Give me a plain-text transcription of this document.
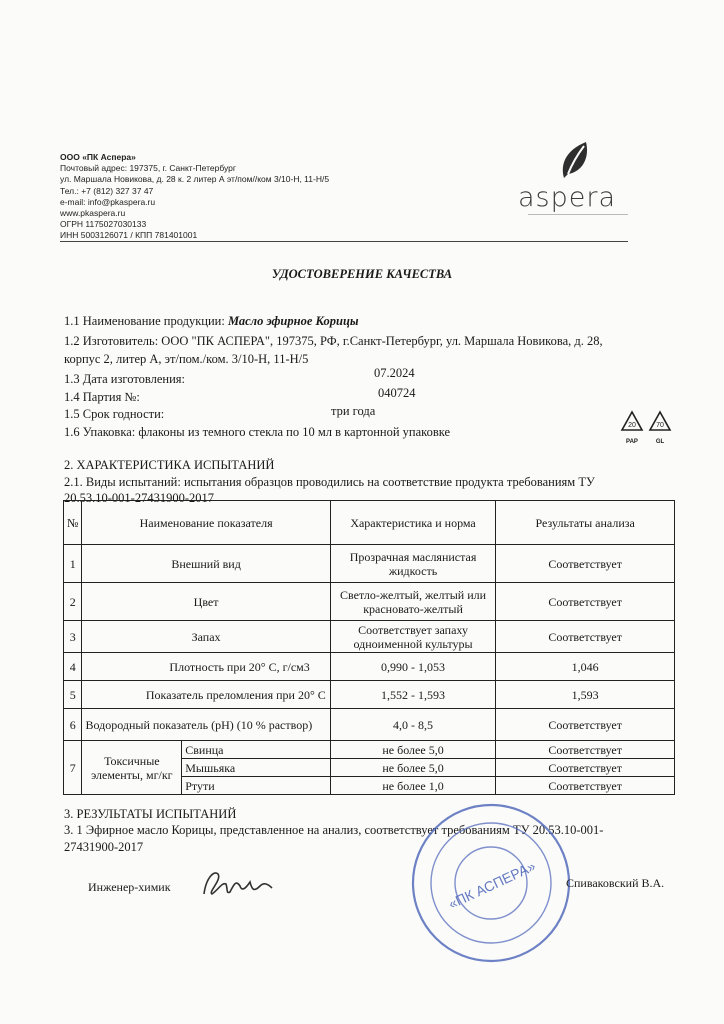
ООО «ПК Аспера»
Почтовый адрес: 197375, г. Санкт-Петербург
ул. Маршала Новикова, д. 28 к. 2 литер А эт/пом//ком 3/10-Н, 11-Н/5
Тел.: +7 (812) 327 37 47
e-mail: info@pkaspera.ru
www.pkaspera.ru
ОГРН 1175027030133
ИНН 5003126071 / КПП 781401001
aspera
УДОСТОВЕРЕНИЕ КАЧЕСТВА
1.1 Наименование продукции: Масло эфирное Корицы
1.2 Изготовитель: ООО "ПК АСПЕРА", 197375, РФ, г.Санкт-Петербург, ул. Маршала Новикова, д. 28,
корпус 2, литер А, эт/пом./ком. 3/10-Н, 11-Н/5
1.3 Дата изготовления:	07.2024
1.4 Партия №:	040724
1.5 Срок годности:	три года
1.6 Упаковка: флаконы из темного стекла по 10 мл в картонной упаковке	20	70
PAP	GL
2. ХАРАКТЕРИСТИКА ИСПЫТАНИЙ
2.1. Виды испытаний: испытания образцов проводились на соответствие продукта требованиям ТУ
20.53.10-001-27431900-2017
№	Наименование показателя		Характеристика и норма	Результаты анализа
1	Внешний вид		Прозрачная маслянистая жидкость	Соответствует
2	Цвет		Светло-желтый, желтый или красновато-желтый	Соответствует
3	Запах		Соответствует запаху одноименной культуры	Соответствует
4	Плотность при 20° С, г/см3		0,990 - 1,053	1,046
5	Показатель преломления при 20° С		1,552 - 1,593	1,593
6	Водородный показатель (рН) (10 % раствор)		4,0 - 8,5	Соответствует
7	Токсичные элементы, мг/кг	Свинца	не более 5,0	Соответствует
		Мышьяка	не более 5,0	Соответствует
		Ртути	не более 1,0	Соответствует
3. РЕЗУЛЬТАТЫ ИСПЫТАНИЙ
3. 1 Эфирное масло Корицы, представленное на анализ, соответствует требованиям ТУ 20.53.10-001-
27431900-2017
«ПК АСПЕРА»
Инженер-химик	Спиваковский В.А.
